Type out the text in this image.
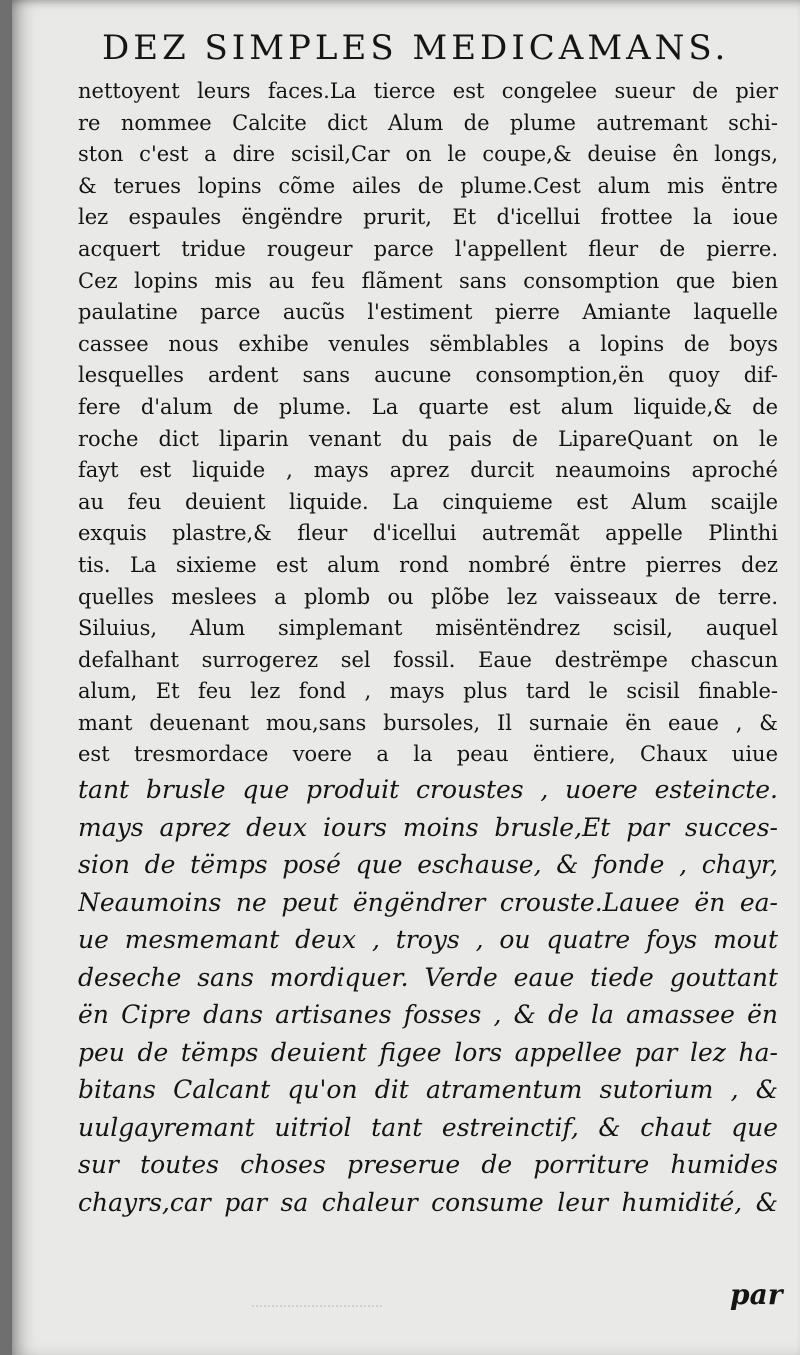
DEZ SIMPLES MEDICAMANS.
nettoyent leurs faces.La tierce est congelee sueur de pier
re nommee Calcite dict Alum de plume autremant schi-
ston c'est a dire scisil,Car on le coupe,& deuise ên longs,
& terues lopins cõme ailes de plume.Cest alum mis ëntre
lez espaules ëngëndre prurit, Et d'icellui frottee la ioue
acquert tridue rougeur parce l'appellent fleur de pierre.
Cez lopins mis au feu flãment sans consomption que bien
paulatine parce aucũs l'estiment pierre Amiante laquelle
cassee nous exhibe venules sëmblables a lopins de boys
lesquelles ardent sans aucune consomption,ën quoy dif-
fere d'alum de plume. La quarte est alum liquide,& de
roche dict liparin venant du pais de LipareQuant on le
fayt est liquide , mays aprez durcit neaumoins aproché
au feu deuient liquide. La cinquieme est Alum scaijle
exquis plastre,& fleur d'icellui autremãt appelle Plinthi
tis. La sixieme est alum rond nombré ëntre pierres dez
quelles meslees a plomb ou plõbe lez vaisseaux de terre.
Siluius, Alum simplemant misëntëndrez scisil, auquel
defalhant surrogerez sel fossil. Eaue destrëmpe chascun
alum, Et feu lez fond , mays plus tard le scisil finable-
mant deuenant mou,sans bursoles, Il surnaie ën eaue , &
est tresmordace voere a la peau ëntiere, Chaux uiue
tant brusle que produit croustes , uoere esteincte.
mays aprez deux iours moins brusle,Et par succes-
sion de tëmps posé que eschause, & fonde , chayr,
Neaumoins ne peut ëngëndrer crouste.Lauee ën ea-
ue mesmemant deux , troys , ou quatre foys mout
deseche sans mordiquer. Verde eaue tiede gouttant
ën Cipre dans artisanes fosses , & de la amassee ën
peu de tëmps deuient figee lors appellee par lez ha-
bitans Calcant qu'on dit atramentum sutorium , &
uulgayremant uitriol tant estreinctif, & chaut que
sur toutes choses preserue de porriture humides
chayrs,car par sa chaleur consume leur humidité, &
par
